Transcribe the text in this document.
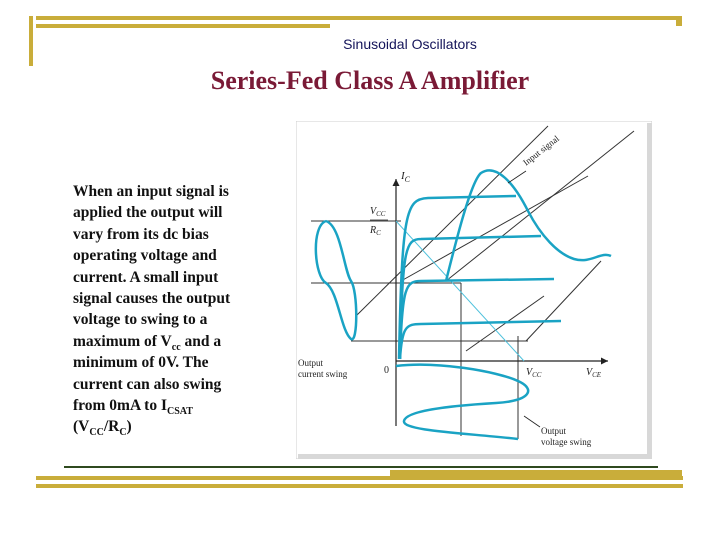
Sinusoidal Oscillators
Series-Fed Class A Amplifier
When an input signal is
applied the output will
vary from its dc bias
operating voltage and
current. A small input
signal causes the output
voltage to swing to a
maximum of $V_{cc}$ and a
minimum of 0V. The
current can also swing
from 0mA to $I_{CSAT}$
$(V_{CC}/R_C)$
$I_C$
$V_{CC}$
$R_C$
0	$V_{CC}$	$V_{CE}$
Input signal
Output
current swing
Output
voltage swing
